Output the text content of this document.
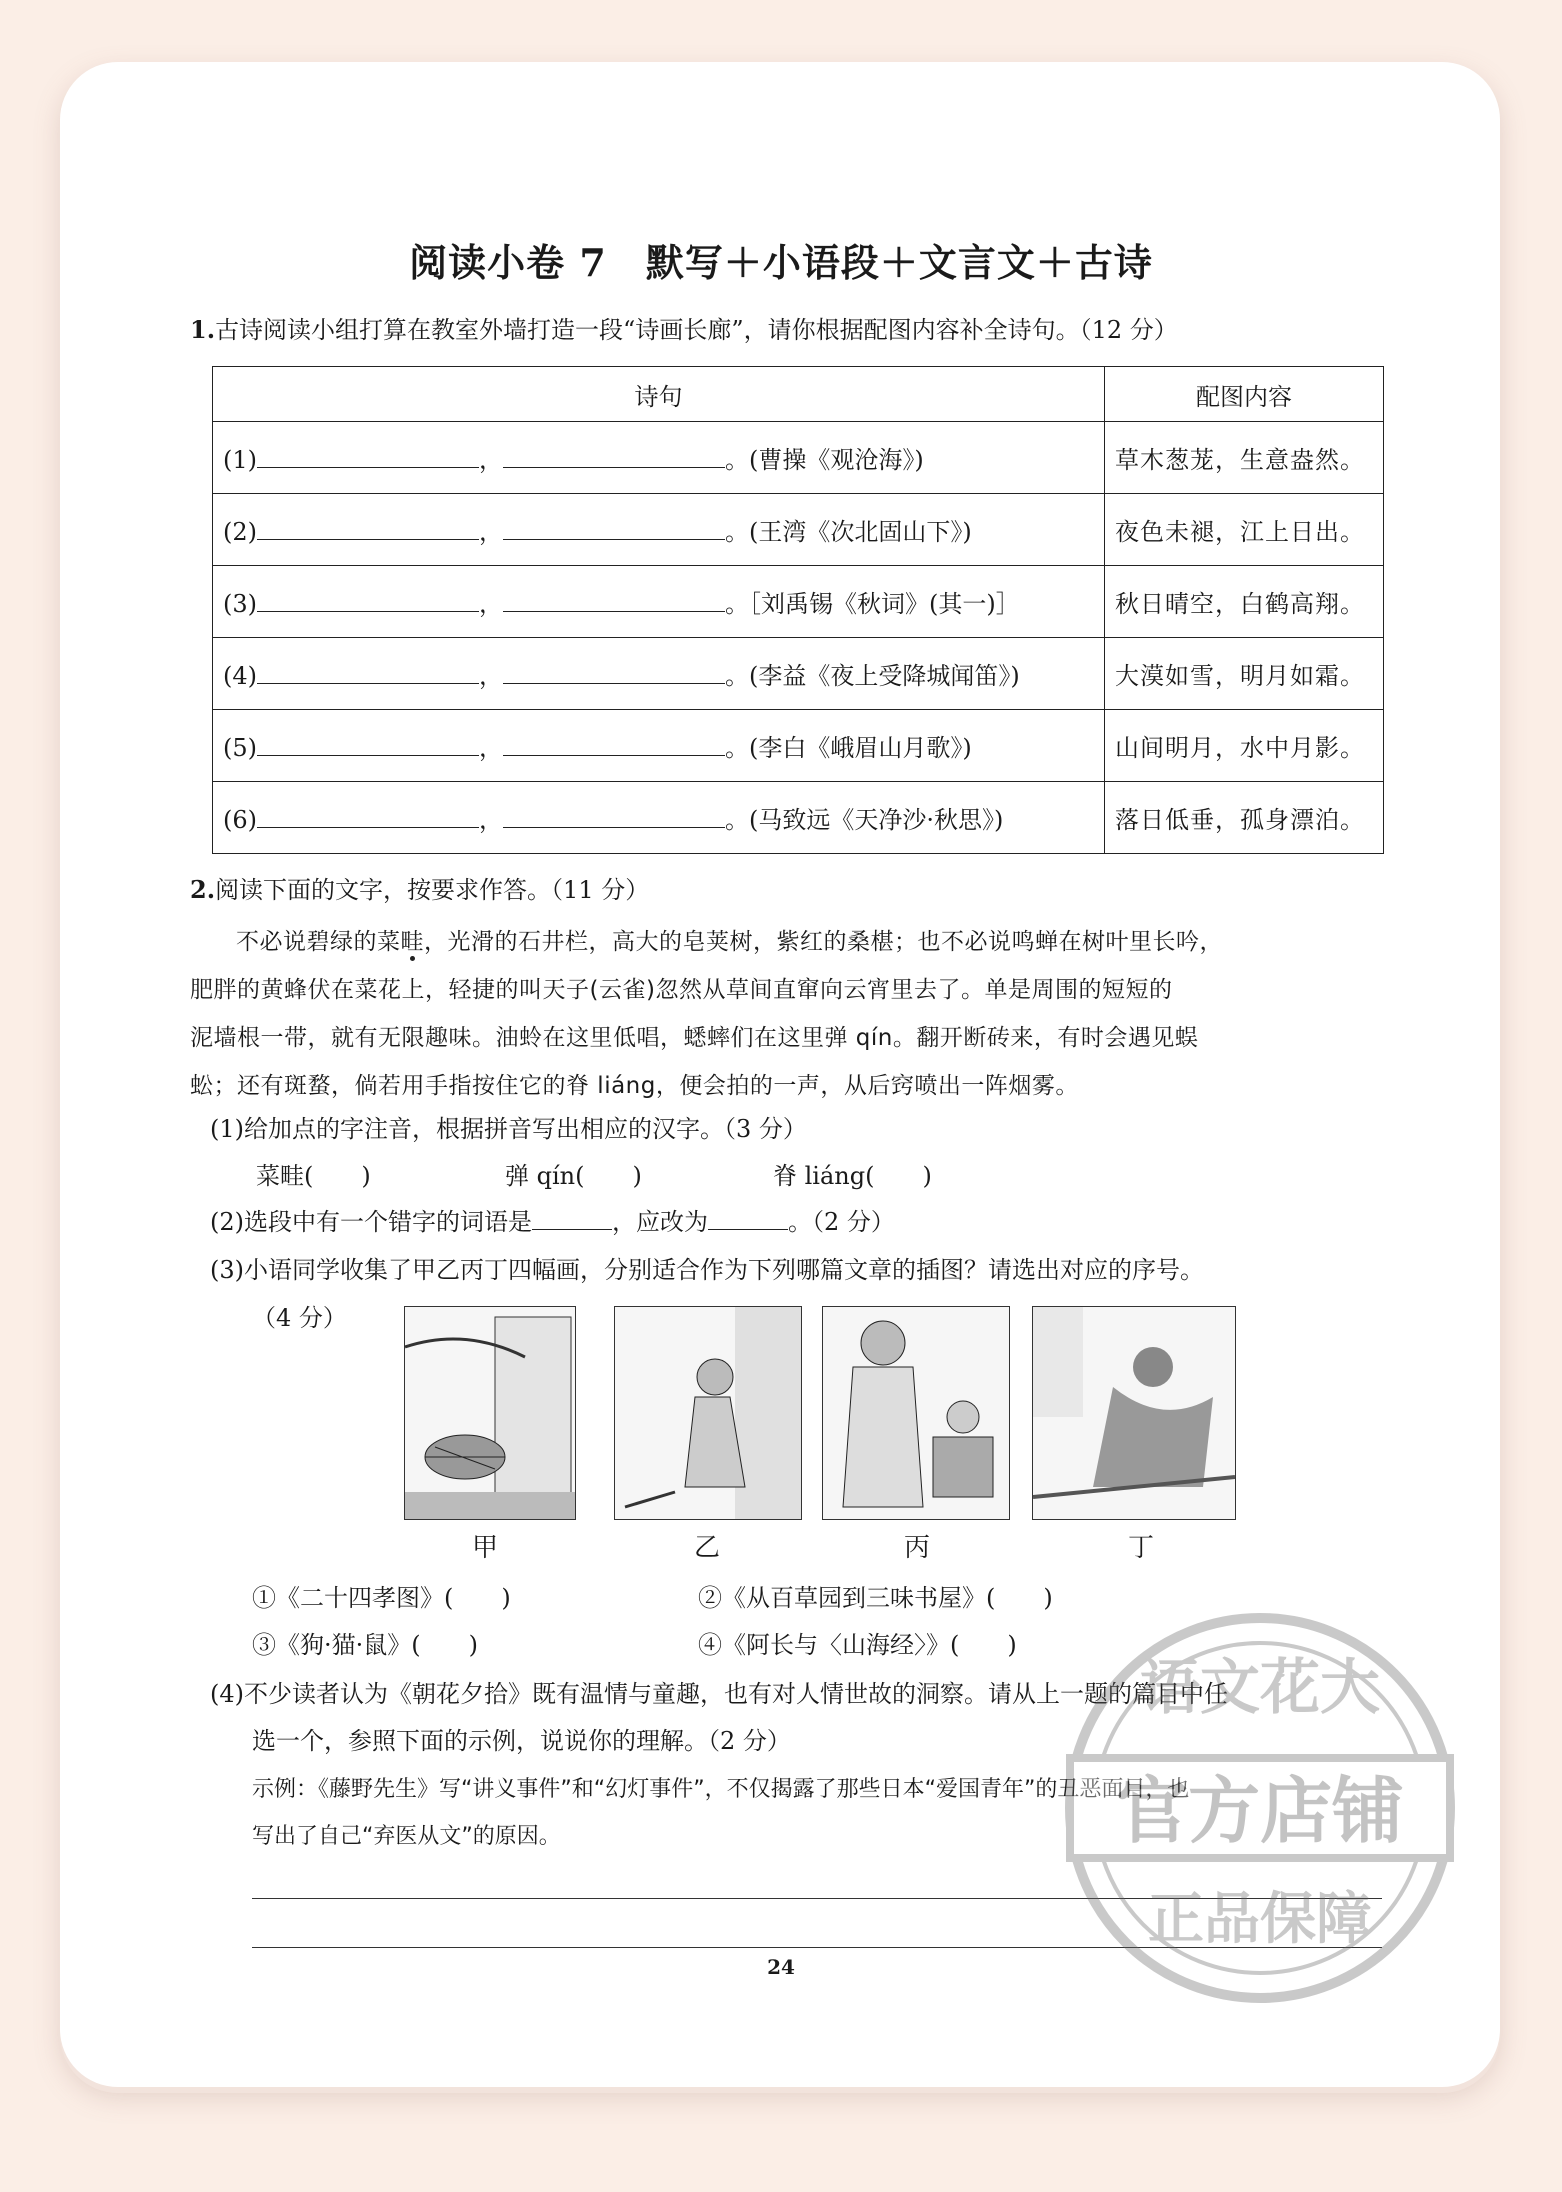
阅读小卷 7　默写＋小语段＋文言文＋古诗
1.古诗阅读小组打算在教室外墙打造一段“诗画长廊”，请你根据配图内容补全诗句。（12 分）
诗句	配图内容
(1) ， 。(曹操《观沧海》)	草木葱茏，生意盎然。
(2) ， 。(王湾《次北固山下》)	夜色未褪，江上日出。
(3) ， 。［刘禹锡《秋词》(其一)］	秋日晴空，白鹤高翔。
(4) ， 。(李益《夜上受降城闻笛》)	大漠如雪，明月如霜。
(5) ， 。(李白《峨眉山月歌》)	山间明月，水中月影。
(6) ， 。(马致远《天净沙·秋思》)	落日低垂，孤身漂泊。
2.阅读下面的文字，按要求作答。（11 分）
不必说碧绿的菜畦，光滑的石井栏，高大的皂荚树，紫红的桑椹；也不必说鸣蝉在树叶里长吟，
肥胖的黄蜂伏在菜花上，轻捷的叫天子(云雀)忽然从草间直窜向云宵里去了。单是周围的短短的
泥墙根一带，就有无限趣味。油蛉在这里低唱，蟋蟀们在这里弹 qín。翻开断砖来，有时会遇见蜈
蚣；还有斑蝥，倘若用手指按住它的脊 liáng，便会拍的一声，从后窍喷出一阵烟雾。
(1)给加点的字注音，根据拼音写出相应的汉字。（3 分）
菜畦(　　)	弹 qín(　　)	脊 liáng(　　)
(2)选段中有一个错字的词语是	，应改为	。（2 分）
(3)小语同学收集了甲乙丙丁四幅画，分别适合作为下列哪篇文章的插图？请选出对应的序号。
（4 分）
甲	乙	丙	丁
①《二十四孝图》(　　)	②《从百草园到三味书屋》(　　)
③《狗·猫·鼠》(　　)	④《阿长与〈山海经〉》(　　)
(4)不少读者认为《朝花夕拾》既有温情与童趣，也有对人情世故的洞察。请从上一题的篇目中任
选一个，参照下面的示例，说说你的理解。（2 分）
示例：《藤野先生》写“讲义事件”和“幻灯事件”，不仅揭露了那些日本“爱国青年”的丑恶面目，也
写出了自己“弃医从文”的原因。
24
语文花大
官方店铺
正品保障
